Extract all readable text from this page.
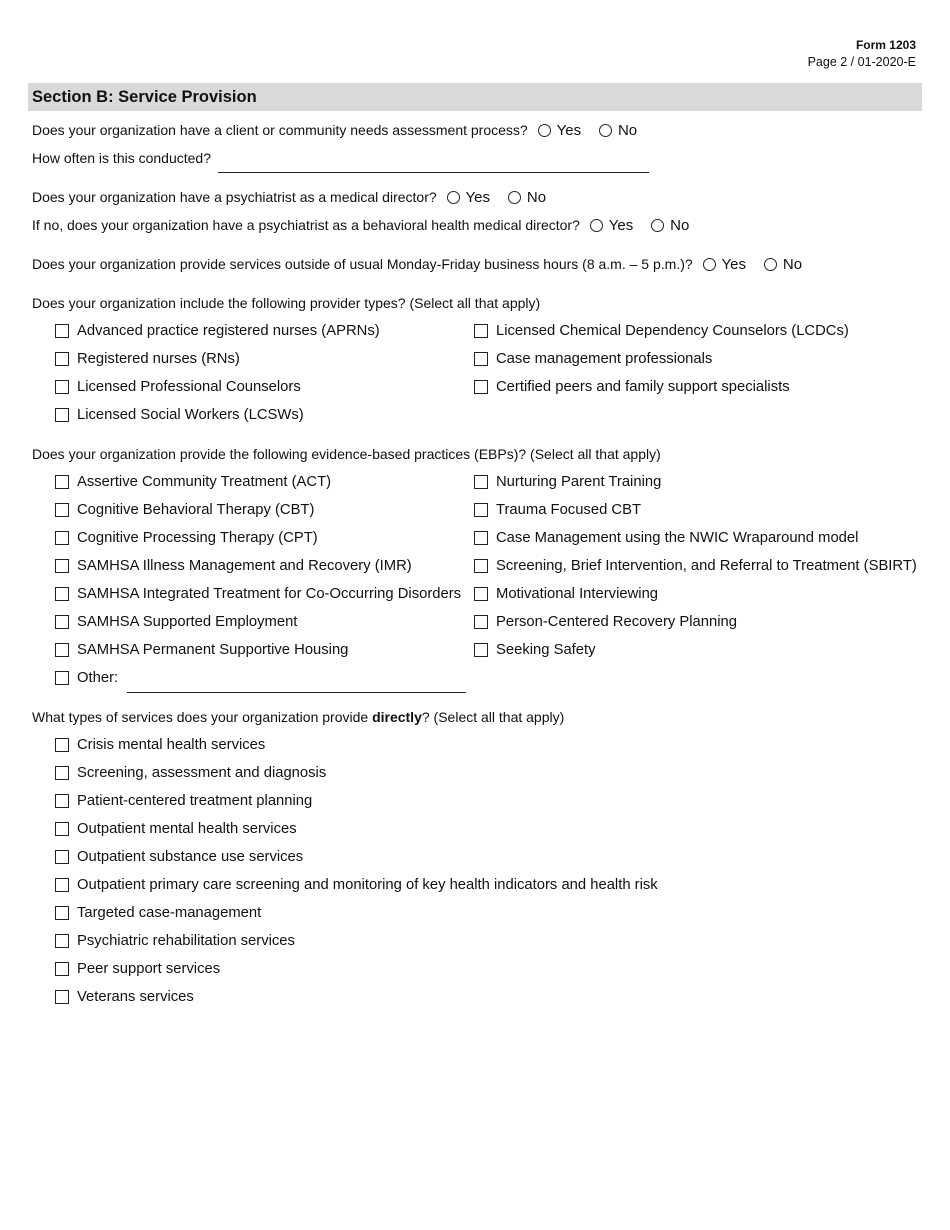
Form 1203
Page 2 / 01-2020-E
Section B: Service Provision
Does your organization have a client or community needs assessment process? Yes No
How often is this conducted?
Does your organization have a psychiatrist as a medical director? Yes No
If no, does your organization have a psychiatrist as a behavioral health medical director? Yes No
Does your organization provide services outside of usual Monday-Friday business hours (8 a.m. – 5 p.m.)? Yes No
Does your organization include the following provider types? (Select all that apply)
Advanced practice registered nurses (APRNs)
Registered nurses (RNs)
Licensed Professional Counselors
Licensed Social Workers (LCSWs)
Licensed Chemical Dependency Counselors (LCDCs)
Case management professionals
Certified peers and family support specialists
Does your organization provide the following evidence-based practices (EBPs)? (Select all that apply)
Assertive Community Treatment (ACT)
Cognitive Behavioral Therapy (CBT)
Cognitive Processing Therapy (CPT)
SAMHSA Illness Management and Recovery (IMR)
SAMHSA Integrated Treatment for Co-Occurring Disorders
SAMHSA Supported Employment
SAMHSA Permanent Supportive Housing
Other:
Nurturing Parent Training
Trauma Focused CBT
Case Management using the NWIC Wraparound model
Screening, Brief Intervention, and Referral to Treatment (SBIRT)
Motivational Interviewing
Person-Centered Recovery Planning
Seeking Safety
What types of services does your organization provide directly? (Select all that apply)
Crisis mental health services
Screening, assessment and diagnosis
Patient-centered treatment planning
Outpatient mental health services
Outpatient substance use services
Outpatient primary care screening and monitoring of key health indicators and health risk
Targeted case-management
Psychiatric rehabilitation services
Peer support services
Veterans services
